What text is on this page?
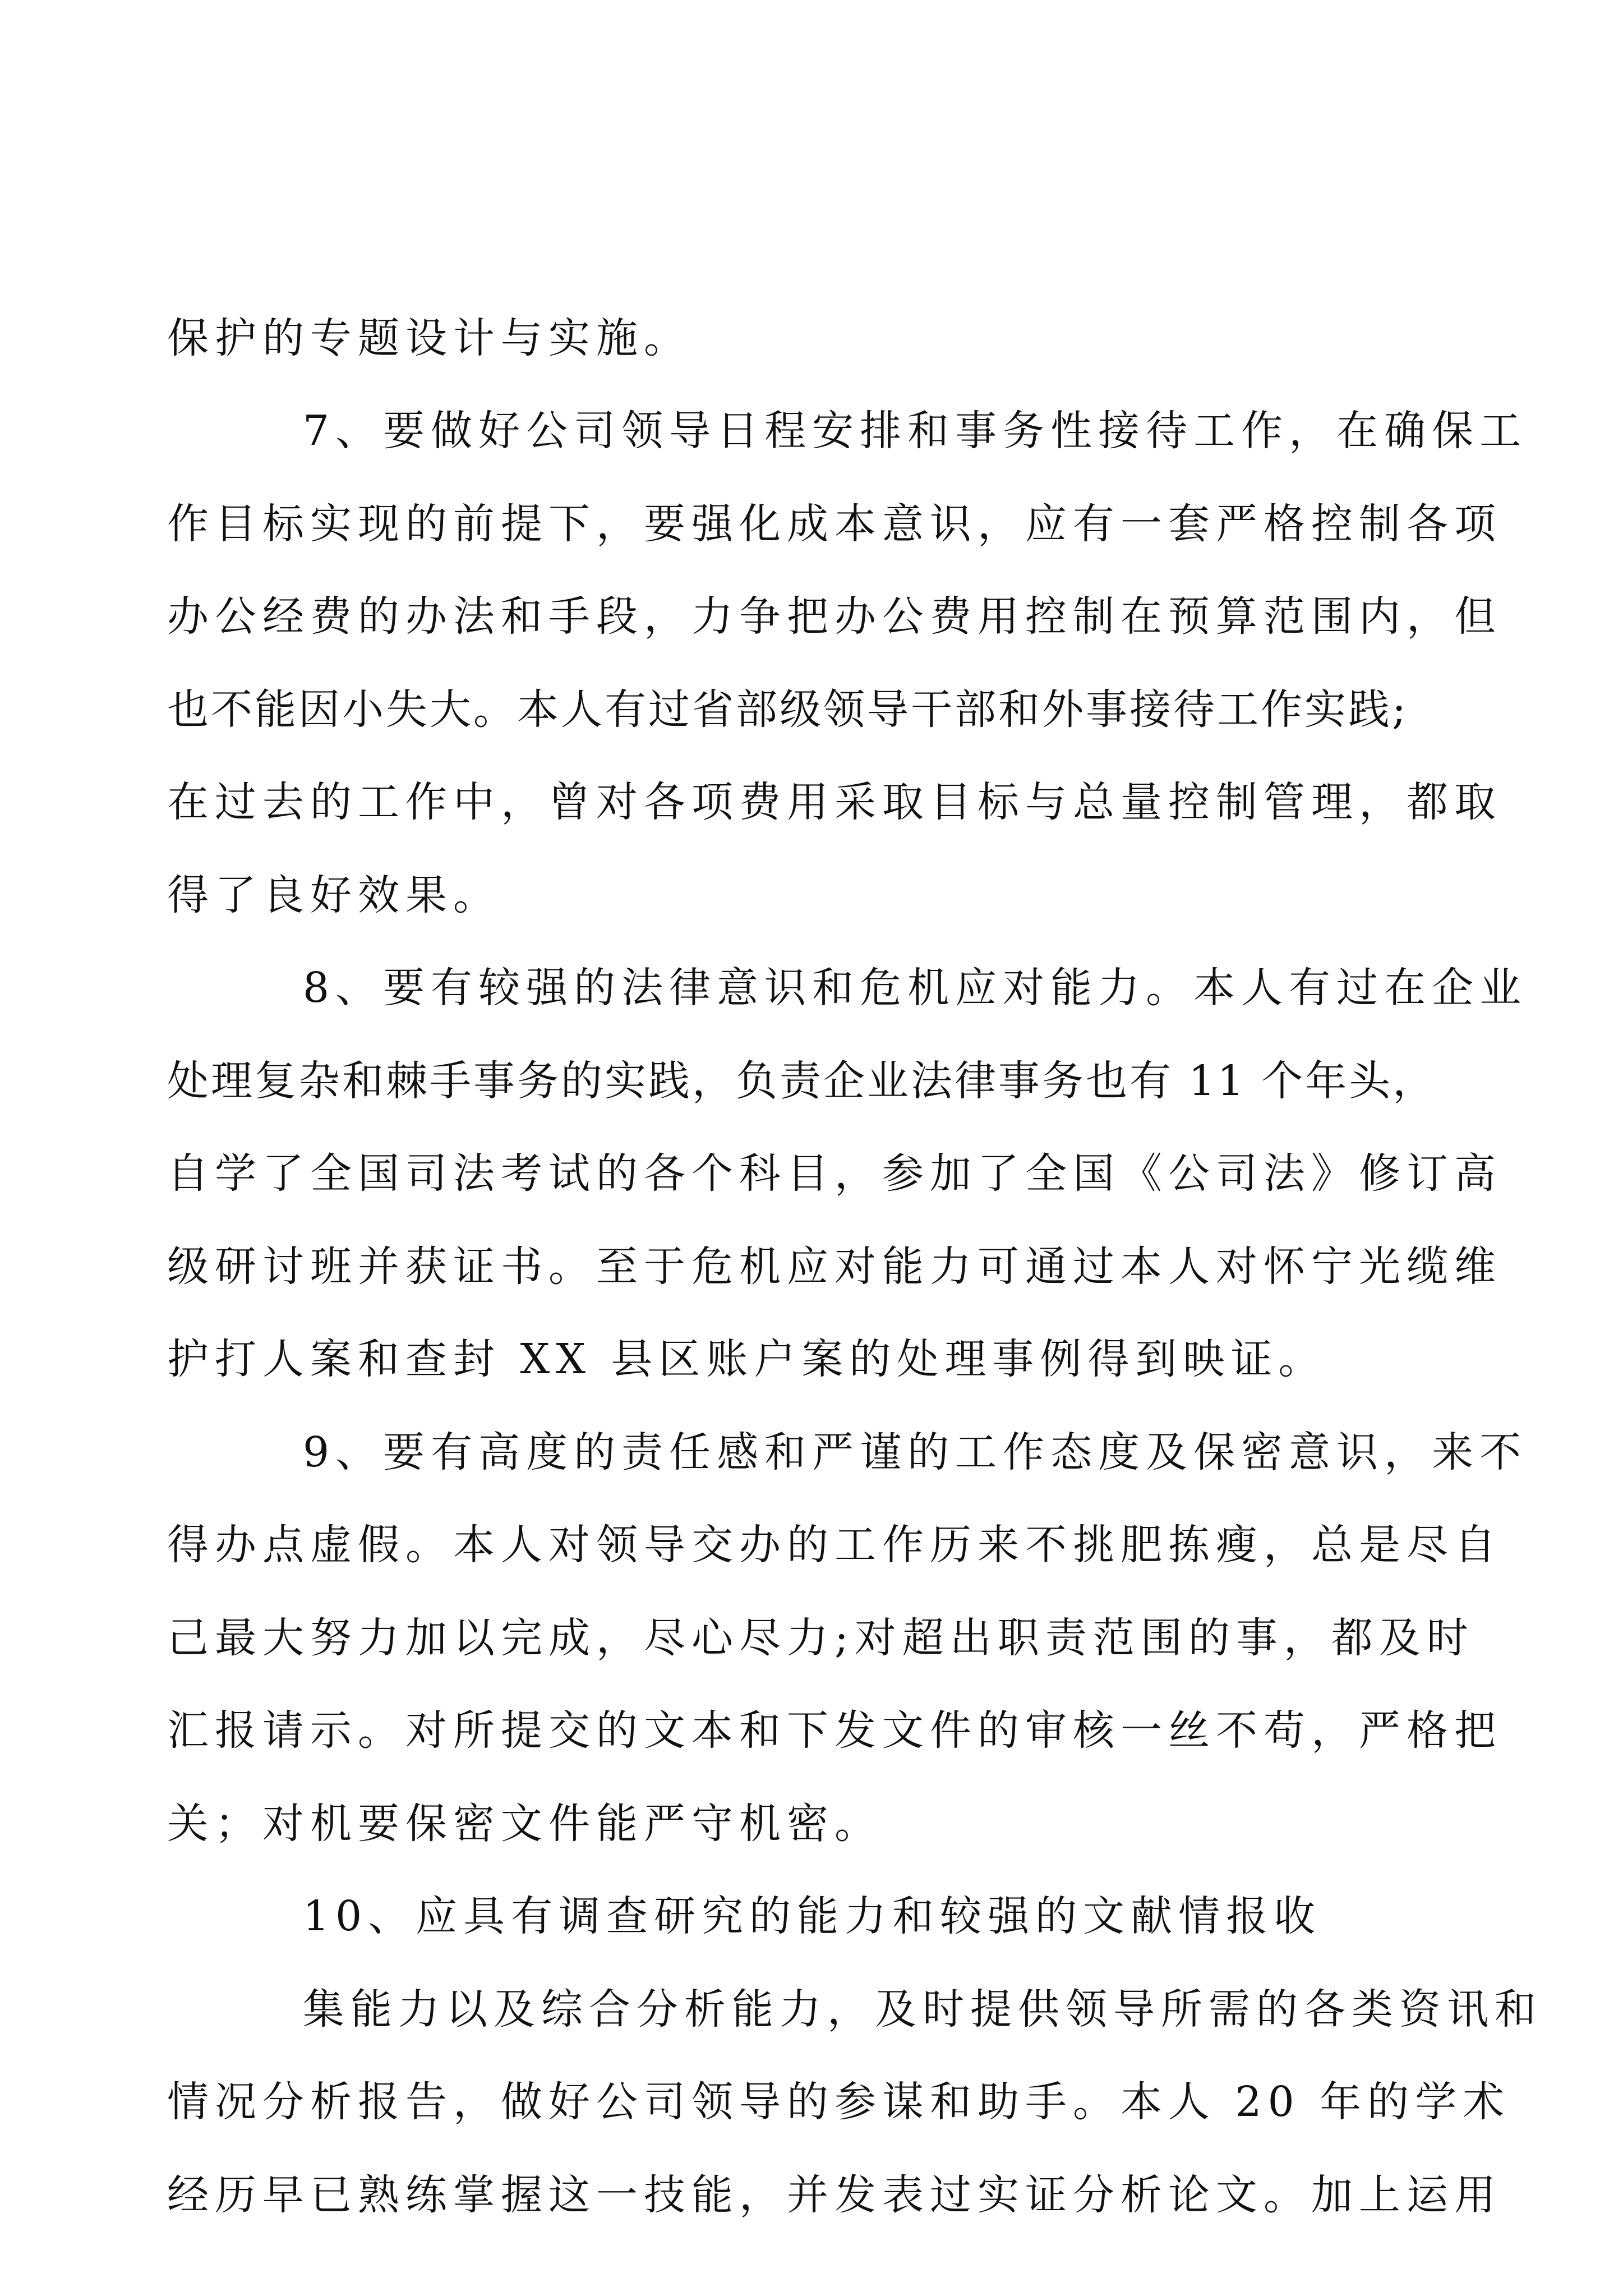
保护的专题设计与实施。
7、要做好公司领导日程安排和事务性接待工作，在确保工
作目标实现的前提下，要强化成本意识，应有一套严格控制各项
办公经费的办法和手段，力争把办公费用控制在预算范围内，但
也不能因小失大。本人有过省部级领导干部和外事接待工作实践;
在过去的工作中，曾对各项费用采取目标与总量控制管理，都取
得了良好效果。
8、要有较强的法律意识和危机应对能力。本人有过在企业
处理复杂和棘手事务的实践，负责企业法律事务也有 11 个年头，
自学了全国司法考试的各个科目，参加了全国《公司法》修订高
级研讨班并获证书。至于危机应对能力可通过本人对怀宁光缆维
护打人案和查封 XX 县区账户案的处理事例得到映证。
9、要有高度的责任感和严谨的工作态度及保密意识，来不
得办点虚假。本人对领导交办的工作历来不挑肥拣瘦，总是尽自
己最大努力加以完成，尽心尽力;对超出职责范围的事，都及时
汇报请示。对所提交的文本和下发文件的审核一丝不苟，严格把
关；对机要保密文件能严守机密。
10、应具有调查研究的能力和较强的文献情报收
集能力以及综合分析能力，及时提供领导所需的各类资讯和
情况分析报告，做好公司领导的参谋和助手。本人 20 年的学术
经历早已熟练掌握这一技能，并发表过实证分析论文。加上运用
